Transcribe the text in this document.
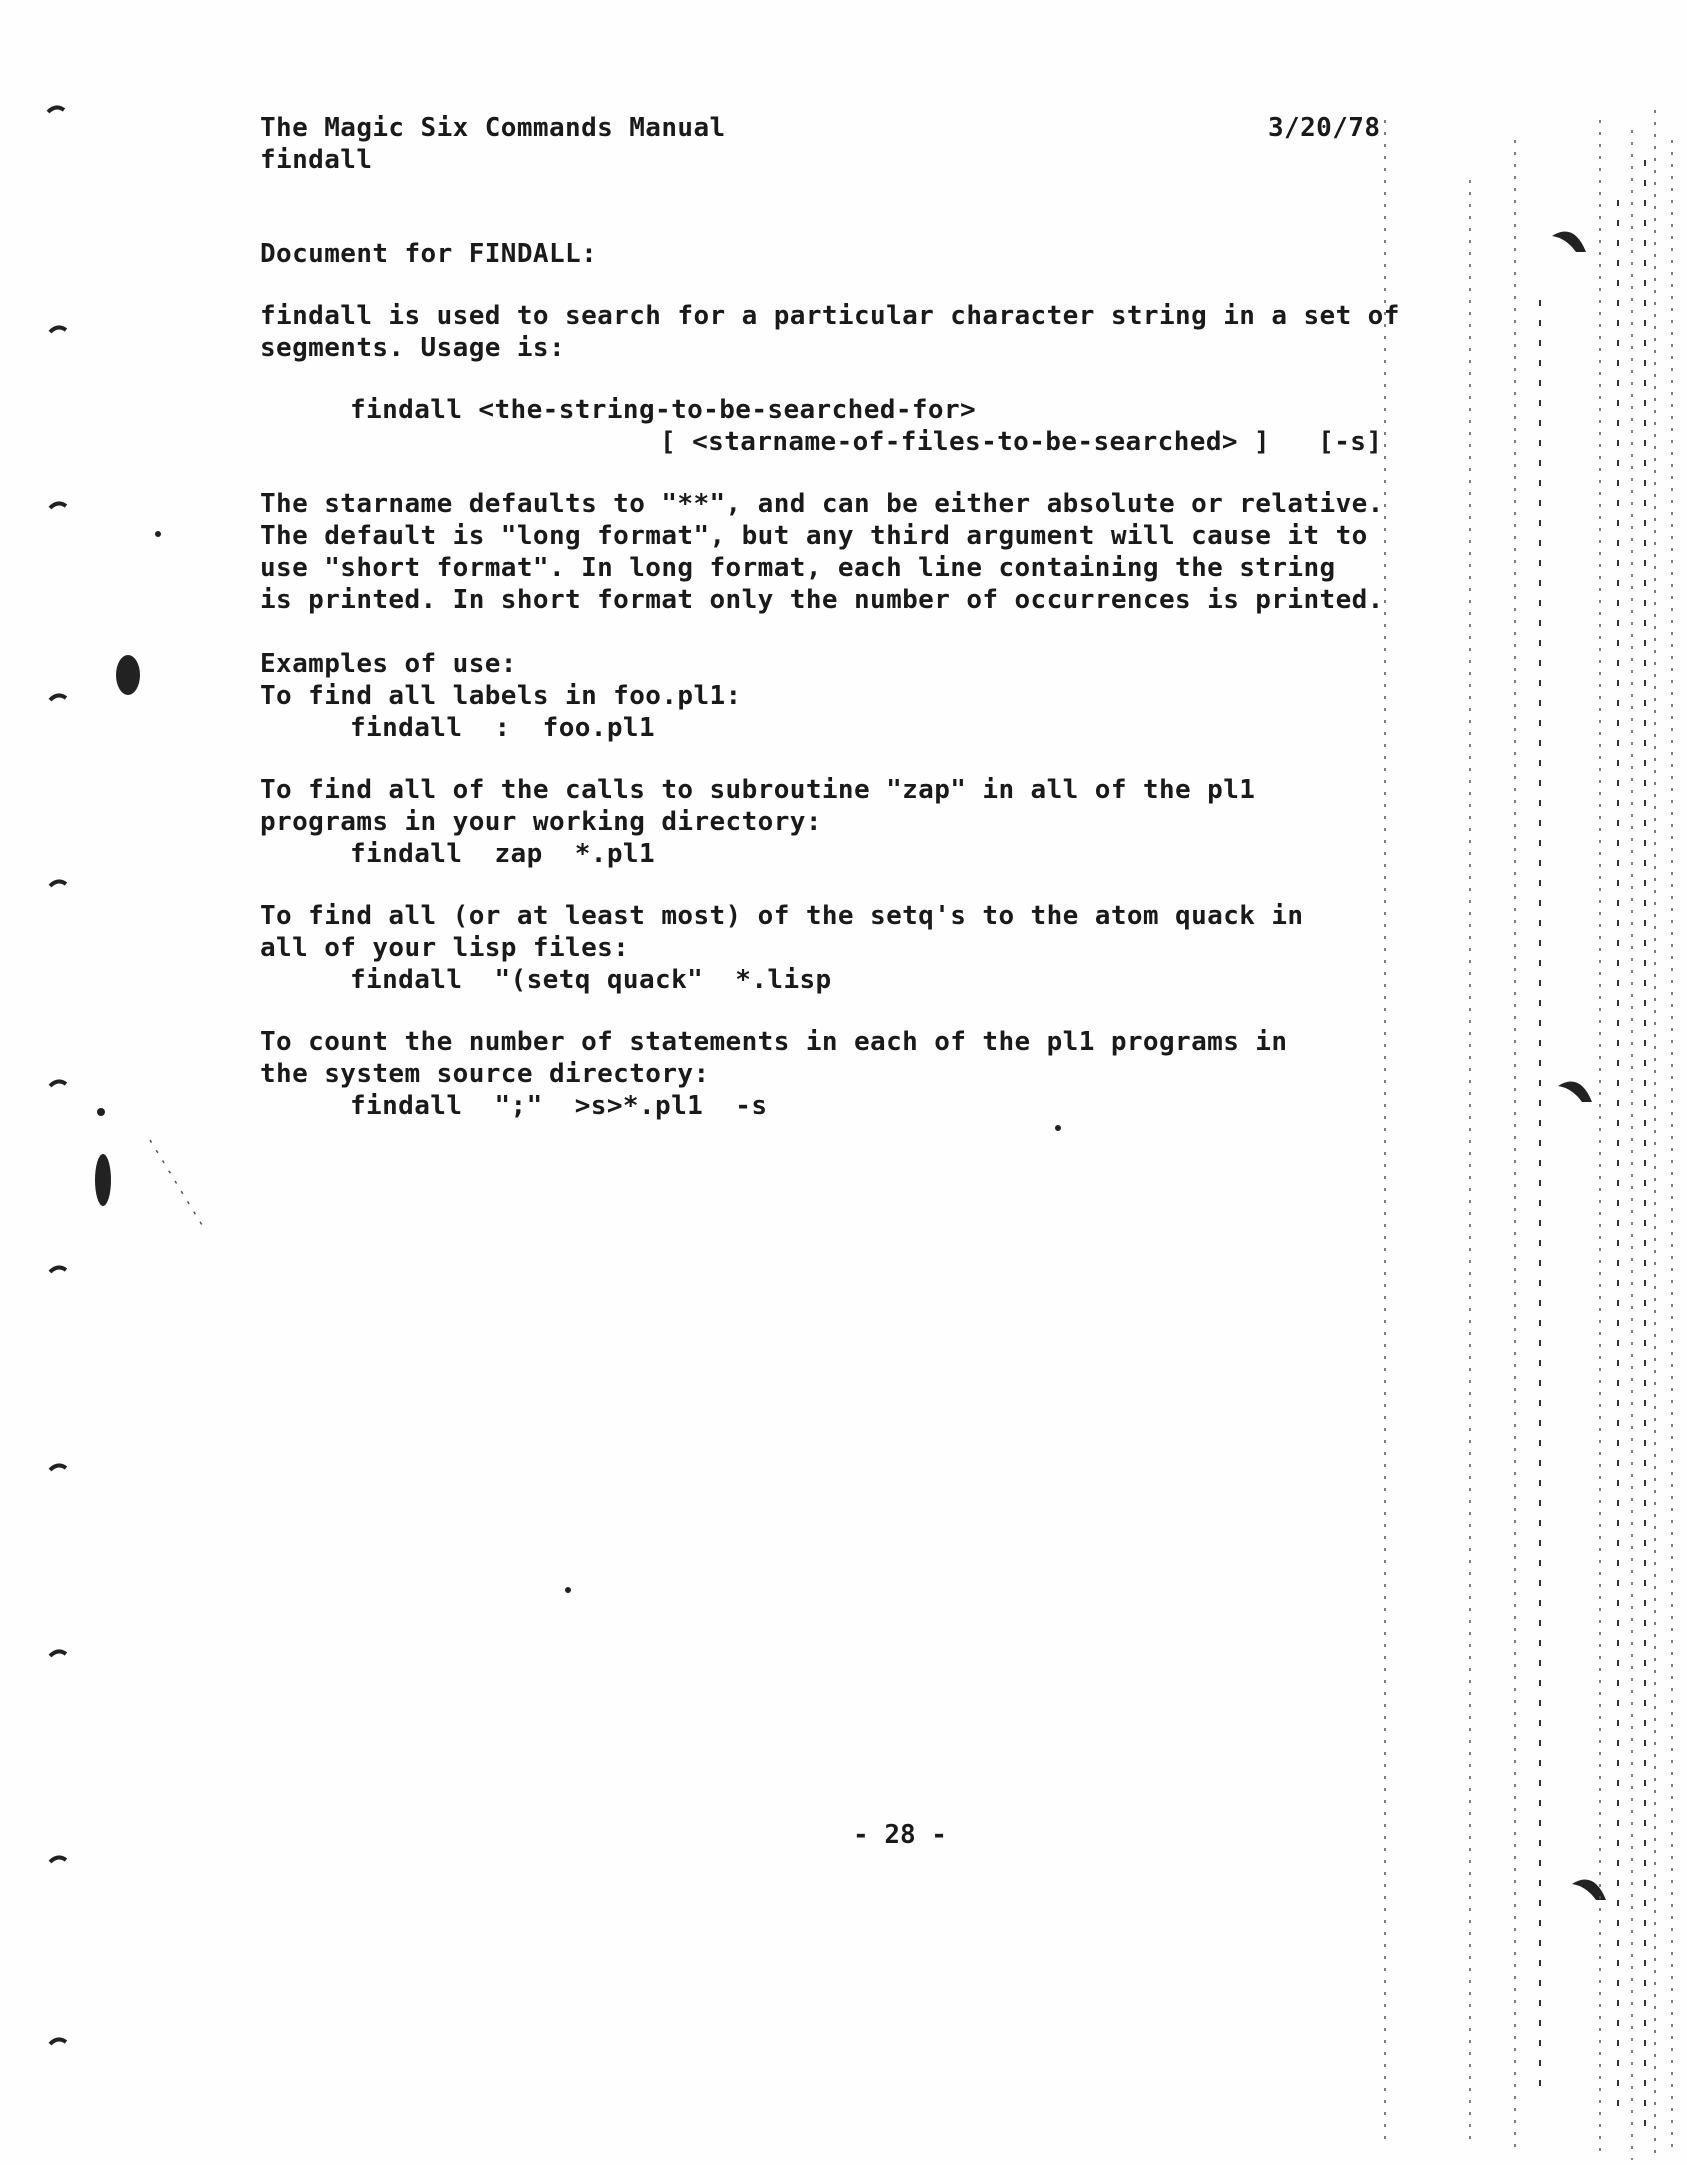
The Magic Six Commands Manual	3/20/78
findall
Document for FINDALL:
findall is used to search for a particular character string in a set of
segments. Usage is:
findall <the-string-to-be-searched-for>
[ <starname-of-files-to-be-searched> ]   [-s]
The starname defaults to "**", and can be either absolute or relative.
The default is "long format", but any third argument will cause it to
use "short format". In long format, each line containing the string
is printed. In short format only the number of occurrences is printed.
Examples of use:
To find all labels in foo.pl1:
findall  :  foo.pl1
To find all of the calls to subroutine "zap" in all of the pl1
programs in your working directory:
findall  zap  *.pl1
To find all (or at least most) of the setq's to the atom quack in
all of your lisp files:
findall  "(setq quack"  *.lisp
To count the number of statements in each of the pl1 programs in
the system source directory:
findall  ";"  >s>*.pl1  -s
- 28 -
